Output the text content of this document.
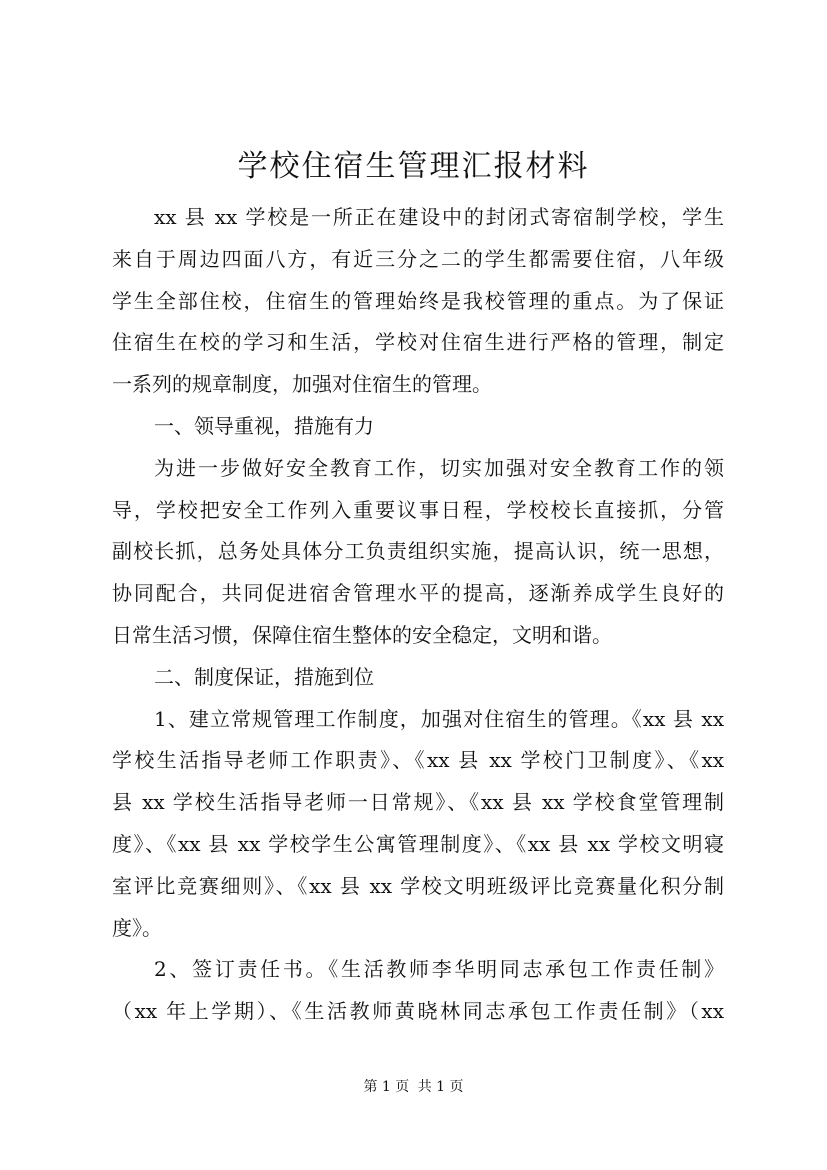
学校住宿生管理汇报材料
xx 县 xx 学校是一所正在建设中的封闭式寄宿制学校，学生
来自于周边四面八方，有近三分之二的学生都需要住宿，八年级
学生全部住校，住宿生的管理始终是我校管理的重点。为了保证
住宿生在校的学习和生活，学校对住宿生进行严格的管理，制定
一系列的规章制度，加强对住宿生的管理。
一、领导重视，措施有力
为进一步做好安全教育工作，切实加强对安全教育工作的领
导，学校把安全工作列入重要议事日程，学校校长直接抓，分管
副校长抓，总务处具体分工负责组织实施，提高认识，统一思想，
协同配合，共同促进宿舍管理水平的提高，逐渐养成学生良好的
日常生活习惯，保障住宿生整体的安全稳定，文明和谐。
二、制度保证，措施到位
1、建立常规管理工作制度，加强对住宿生的管理。《xx 县 xx
学校生活指导老师工作职责》、《xx 县 xx 学校门卫制度》、《xx
县 xx 学校生活指导老师一日常规》、《xx 县 xx 学校食堂管理制
度》、《xx 县 xx 学校学生公寓管理制度》、《xx 县 xx 学校文明寝
室评比竞赛细则》、《xx 县 xx 学校文明班级评比竞赛量化积分制
度》。
2、签订责任书。《生活教师李华明同志承包工作责任制》
（xx 年上学期）、《生活教师黄晓林同志承包工作责任制》（xx
第 1 页 共 1 页
